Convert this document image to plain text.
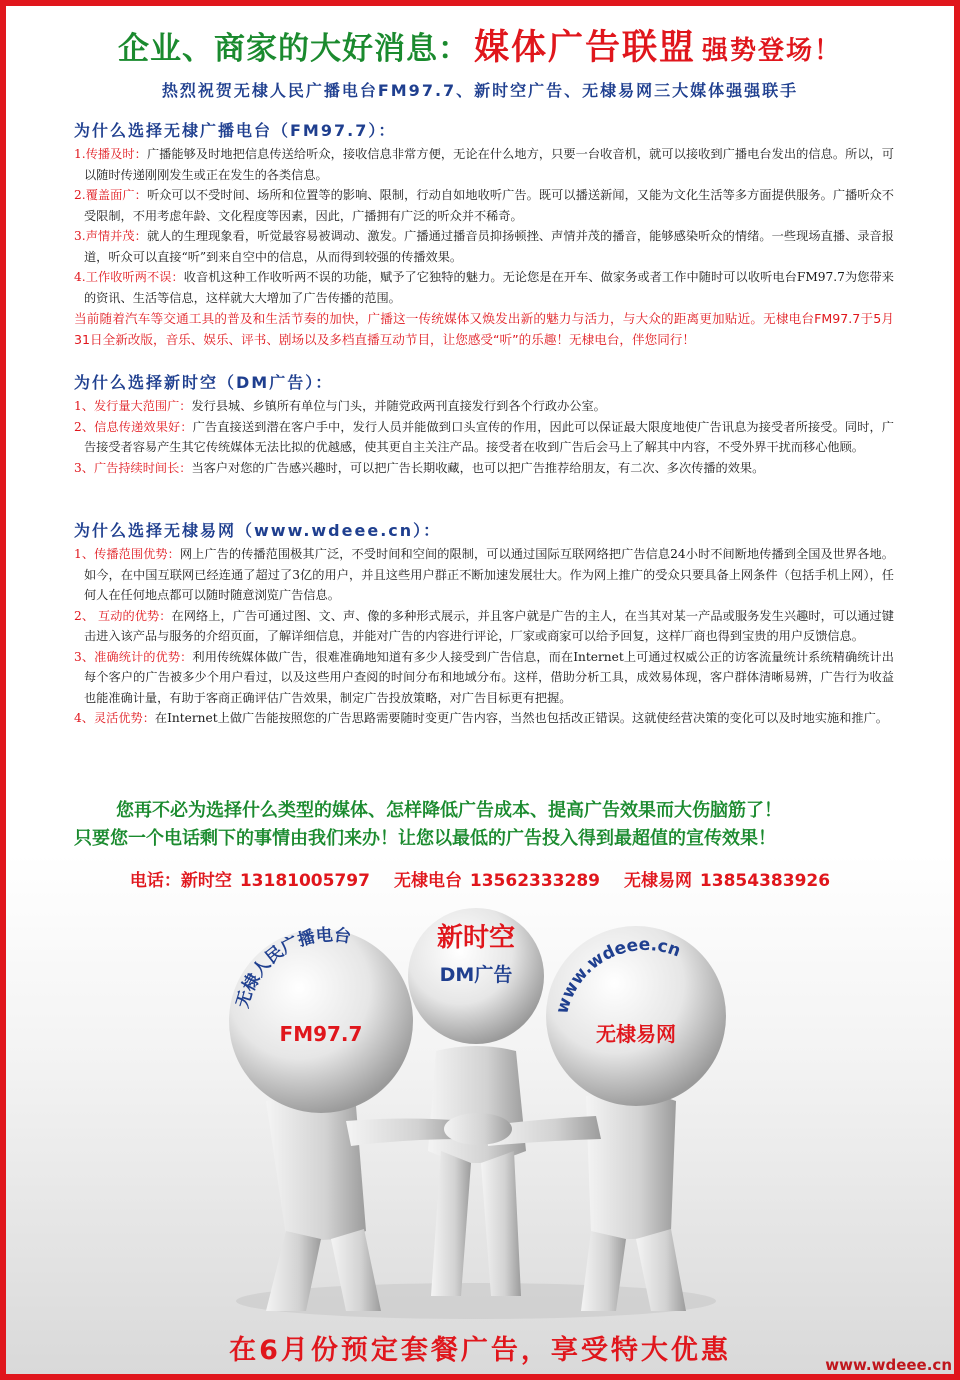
企业、商家的大好消息： 媒体广告联盟 强势登场！
热烈祝贺无棣人民广播电台FM97.7、新时空广告、无棣易网三大媒体强强联手
为什么选择无棣广播电台（FM97.7）：
1.传播及时：广播能够及时地把信息传送给听众，接收信息非常方便，无论在什么地方，只要一台收音机，就可以接收到广播电台发出的信息。所以，可以随时传递刚刚发生或正在发生的各类信息。
2.覆盖面广：听众可以不受时间、场所和位置等的影响、限制，行动自如地收听广告。既可以播送新闻，又能为文化生活等多方面提供服务。广播听众不受限制，不用考虑年龄、文化程度等因素，因此，广播拥有广泛的听众并不稀奇。
3.声情并茂：就人的生理现象看，听觉最容易被调动、激发。广播通过播音员抑扬顿挫、声情并茂的播音，能够感染听众的情绪。一些现场直播、录音报道，听众可以直接“听”到来自空中的信息，从而得到较强的传播效果。
4.工作收听两不误：收音机这种工作收听两不误的功能，赋予了它独特的魅力。无论您是在开车、做家务或者工作中随时可以收听电台FM97.7为您带来的资讯、生活等信息，这样就大大增加了广告传播的范围。
当前随着汽车等交通工具的普及和生活节奏的加快，广播这一传统媒体又焕发出新的魅力与活力，与大众的距离更加贴近。无棣电台FM97.7于5月31日全新改版，音乐、娱乐、评书、剧场以及多档直播互动节目，让您感受“听”的乐趣！无棣电台，伴您同行！
为什么选择新时空（DM广告）：
1、发行量大范围广：发行县城、乡镇所有单位与门头，并随党政两刊直接发行到各个行政办公室。
2、信息传递效果好：广告直接送到潜在客户手中，发行人员并能做到口头宣传的作用，因此可以保证最大限度地使广告讯息为接受者所接受。同时，广告接受者容易产生其它传统媒体无法比拟的优越感，使其更自主关注产品。接受者在收到广告后会马上了解其中内容，不受外界干扰而移心他顾。
3、广告持续时间长：当客户对您的广告感兴趣时，可以把广告长期收藏，也可以把广告推荐给朋友，有二次、多次传播的效果。
为什么选择无棣易网（www.wdeee.cn）：
1、传播范围优势：网上广告的传播范围极其广泛，不受时间和空间的限制，可以通过国际互联网络把广告信息24小时不间断地传播到全国及世界各地。如今，在中国互联网已经连通了超过了3亿的用户，并且这些用户群正不断加速发展壮大。作为网上推广的受众只要具备上网条件（包括手机上网），任何人在任何地点都可以随时随意浏览广告信息。
2、 互动的优势：在网络上，广告可通过图、文、声、像的多种形式展示，并且客户就是广告的主人，在当其对某一产品或服务发生兴趣时，可以通过键击进入该产品与服务的介绍页面，了解详细信息，并能对广告的内容进行评论，厂家或商家可以给予回复，这样厂商也得到宝贵的用户反馈信息。
3、准确统计的优势：利用传统媒体做广告，很难准确地知道有多少人接受到广告信息，而在Internet上可通过权威公正的访客流量统计系统精确统计出每个客户的广告被多少个用户看过，以及这些用户查阅的时间分布和地域分布。这样，借助分析工具，成效易体现，客户群体清晰易辨，广告行为收益也能准确计量，有助于客商正确评估广告效果，制定广告投放策略，对广告目标更有把握。
4、灵活优势：在Internet上做广告能按照您的广告思路需要随时变更广告内容，当然也包括改正错误。这就使经营决策的变化可以及时地实施和推广。
您再不必为选择什么类型的媒体、怎样降低广告成本、提高广告效果而大伤脑筋了！
只要您一个电话剩下的事情由我们来办！让您以最低的广告投入得到最超值的宣传效果！
电话：新时空 13181005797 无棣电台 13562333289 无棣易网 13854383926
无棣人民广播电台
FM97.7
新时空
DM广告
www.wdeee.cn
无棣易网
在6月份预定套餐广告，享受特大优惠	www.wdeee.cn
